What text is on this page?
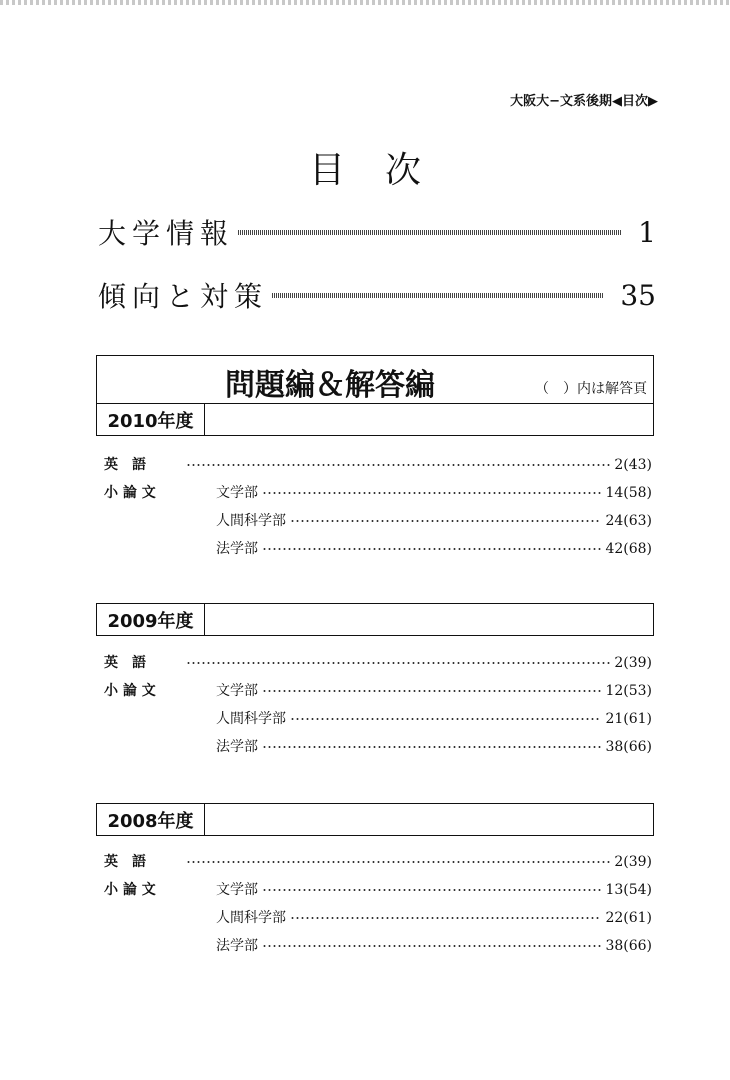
大阪大−文系後期◀目次▶
目次
大学情報	1
傾向と対策	35
問題編＆解答編	（　）内は解答頁
2010年度
英　語	2(43)
小 論 文	文学部	14(58)
人間科学部	24(63)
法学部	42(68)
2009年度
英　語	2(39)
小 論 文	文学部	12(53)
人間科学部	21(61)
法学部	38(66)
2008年度
英　語	2(39)
小 論 文	文学部	13(54)
人間科学部	22(61)
法学部	38(66)
